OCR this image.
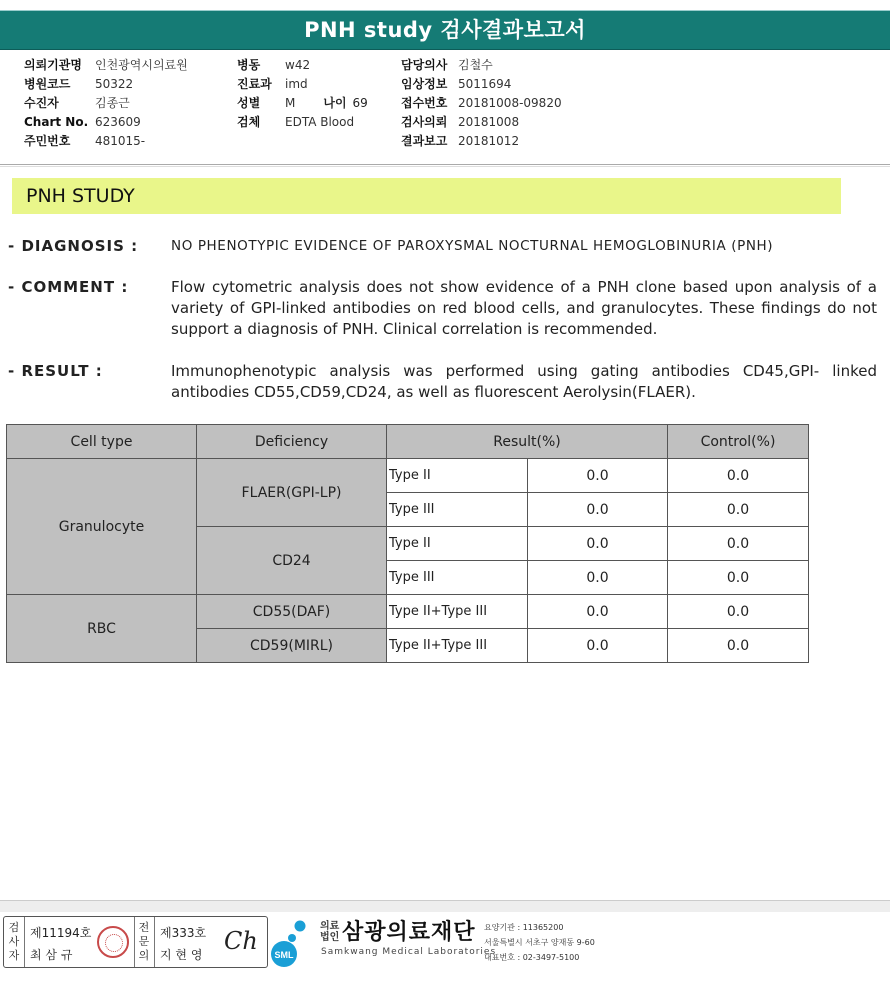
PNH study 검사결과보고서
의뢰기관명 인천광역시의료원
병원코드 50322
수진자	김종근
Chart No. 623609
주민번호 481015-
병동 w42
진료과 imd
성별 M 나이 69
검체 EDTA Blood
담당의사 김철수
임상정보 5011694
접수번호 20181008-09820
검사의뢰 20181008
결과보고 20181012
PNH STUDY
- DIAGNOSIS : NO PHENOTYPIC EVIDENCE OF PAROXYSMAL NOCTURNAL HEMOGLOBINURIA (PNH)
- COMMENT :	Flow cytometric analysis does not show evidence of a PNH clone based upon analysis of a variety of GPI-linked antibodies on red blood cells, and granulocytes. These findings do not support a diagnosis of PNH. Clinical correlation is recommended.
- RESULT :	Immunophenotypic analysis was performed using gating antibodies CD45,GPI- linked antibodies CD55,CD59,CD24, as well as fluorescent Aerolysin(FLAER).
Cell type	Deficiency	Result(%)		Control(%)
Granulocyte	FLAER(GPI-LP)	Type II	0.0	0.0
		Type III	0.0	0.0
	CD24	Type II	0.0	0.0
		Type III	0.0	0.0
RBC	CD55(DAF)	Type II+Type III	0.0	0.0
	CD59(MIRL)	Type II+Type III	0.0	0.0
검사자
제11194호
최 삼 규
전문의
제333호
지 현 영 Ch SML
의료법인 삼광의료재단
Samkwang Medical Laboratories
요양기관 : 11365200
서울특별시 서초구 양재동 9-60
대표번호 : 02-3497-5100
